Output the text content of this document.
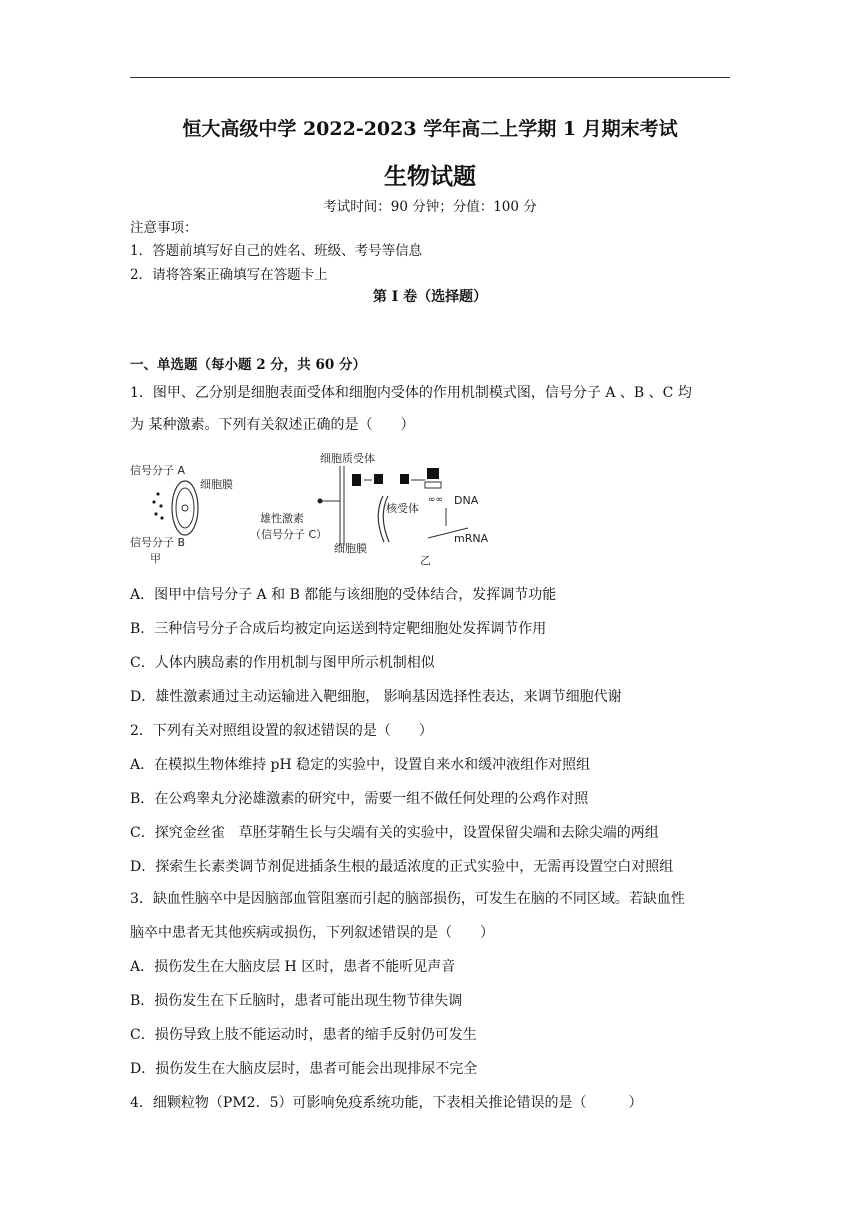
恒大高级中学 2022-2023 学年高二上学期 1 月期末考试
生物试题
考试时间：90 分钟；分值：100 分
注意事项：
1．答题前填写好自己的姓名、班级、考号等信息
2．请将答案正确填写在答题卡上
第 I 卷（选择题）
一、单选题（每小题 2 分，共 60 分）
1．图甲、乙分别是细胞表面受体和细胞内受体的作用机制模式图，信号分子 A 、B 、C 均
为 某种激素。下列有关叙述正确的是（　　）
信号分子 A
细胞膜
信号分子 B
甲
细胞质受体
雄性激素
（信号分子 C）
细胞膜
核受体
∞∞ DNA
mRNA
乙
A．图甲中信号分子 A 和 B 都能与该细胞的受体结合，发挥调节功能
B．三种信号分子合成后均被定向运送到特定靶细胞处发挥调节作用
C．人体内胰岛素的作用机制与图甲所示机制相似
D．雄性激素通过主动运输进入靶细胞， 影响基因选择性表达，来调节细胞代谢
2．下列有关对照组设置的叙述错误的是（　　）
A．在模拟生物体维持 pH 稳定的实验中，设置自来水和缓冲液组作对照组
B．在公鸡睾丸分泌雄激素的研究中，需要一组不做任何处理的公鸡作对照
C．探究金丝雀　草胚芽鞘生长与尖端有关的实验中，设置保留尖端和去除尖端的两组
D．探索生长素类调节剂促进插条生根的最适浓度的正式实验中，无需再设置空白对照组
3．缺血性脑卒中是因脑部血管阻塞而引起的脑部损伤，可发生在脑的不同区域。若缺血性
脑卒中患者无其他疾病或损伤，下列叙述错误的是（　　）
A．损伤发生在大脑皮层 H 区时，患者不能听见声音
B．损伤发生在下丘脑时，患者可能出现生物节律失调
C．损伤导致上肢不能运动时，患者的缩手反射仍可发生
D．损伤发生在大脑皮层时，患者可能会出现排尿不完全
4．细颗粒物（PM2．5）可影响免疫系统功能，下表相关推论错误的是（　　　）
